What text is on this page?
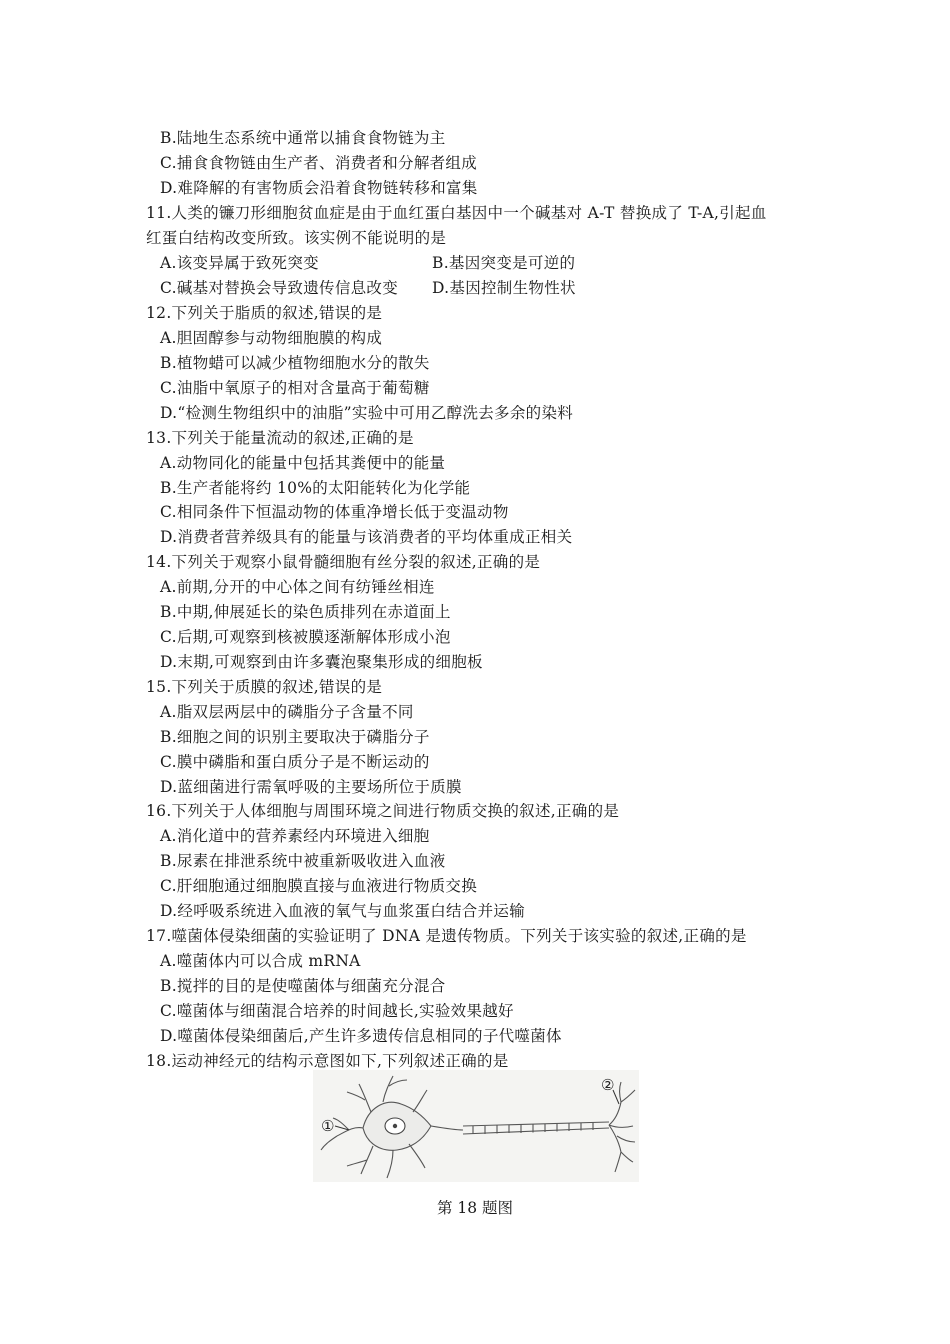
B.陆地生态系统中通常以捕食食物链为主
C.捕食食物链由生产者、消费者和分解者组成
D.难降解的有害物质会沿着食物链转移和富集
11.人类的镰刀形细胞贫血症是由于血红蛋白基因中一个碱基对 A-T 替换成了 T-A,引起血
红蛋白结构改变所致。该实例不能说明的是
A.该变异属于致死突变	B.基因突变是可逆的
C.碱基对替换会导致遗传信息改变 D.基因控制生物性状
12.下列关于脂质的叙述,错误的是
A.胆固醇参与动物细胞膜的构成
B.植物蜡可以减少植物细胞水分的散失
C.油脂中氧原子的相对含量高于葡萄糖
D.“检测生物组织中的油脂”实验中可用乙醇洗去多余的染料
13.下列关于能量流动的叙述,正确的是
A.动物同化的能量中包括其粪便中的能量
B.生产者能将约 10%的太阳能转化为化学能
C.相同条件下恒温动物的体重净增长低于变温动物
D.消费者营养级具有的能量与该消费者的平均体重成正相关
14.下列关于观察小鼠骨髓细胞有丝分裂的叙述,正确的是
A.前期,分开的中心体之间有纺锤丝相连
B.中期,伸展延长的染色质排列在赤道面上
C.后期,可观察到核被膜逐渐解体形成小泡
D.末期,可观察到由许多囊泡聚集形成的细胞板
15.下列关于质膜的叙述,错误的是
A.脂双层两层中的磷脂分子含量不同
B.细胞之间的识别主要取决于磷脂分子
C.膜中磷脂和蛋白质分子是不断运动的
D.蓝细菌进行需氧呼吸的主要场所位于质膜
16.下列关于人体细胞与周围环境之间进行物质交换的叙述,正确的是
A.消化道中的营养素经内环境进入细胞
B.尿素在排泄系统中被重新吸收进入血液
C.肝细胞通过细胞膜直接与血液进行物质交换
D.经呼吸系统进入血液的氧气与血浆蛋白结合并运输
17.噬菌体侵染细菌的实验证明了 DNA 是遗传物质。下列关于该实验的叙述,正确的是
A.噬菌体内可以合成 mRNA
B.搅拌的目的是使噬菌体与细菌充分混合
C.噬菌体与细菌混合培养的时间越长,实验效果越好
D.噬菌体侵染细菌后,产生许多遗传信息相同的子代噬菌体
18.运动神经元的结构示意图如下,下列叙述正确的是
①
②
第 18 题图
